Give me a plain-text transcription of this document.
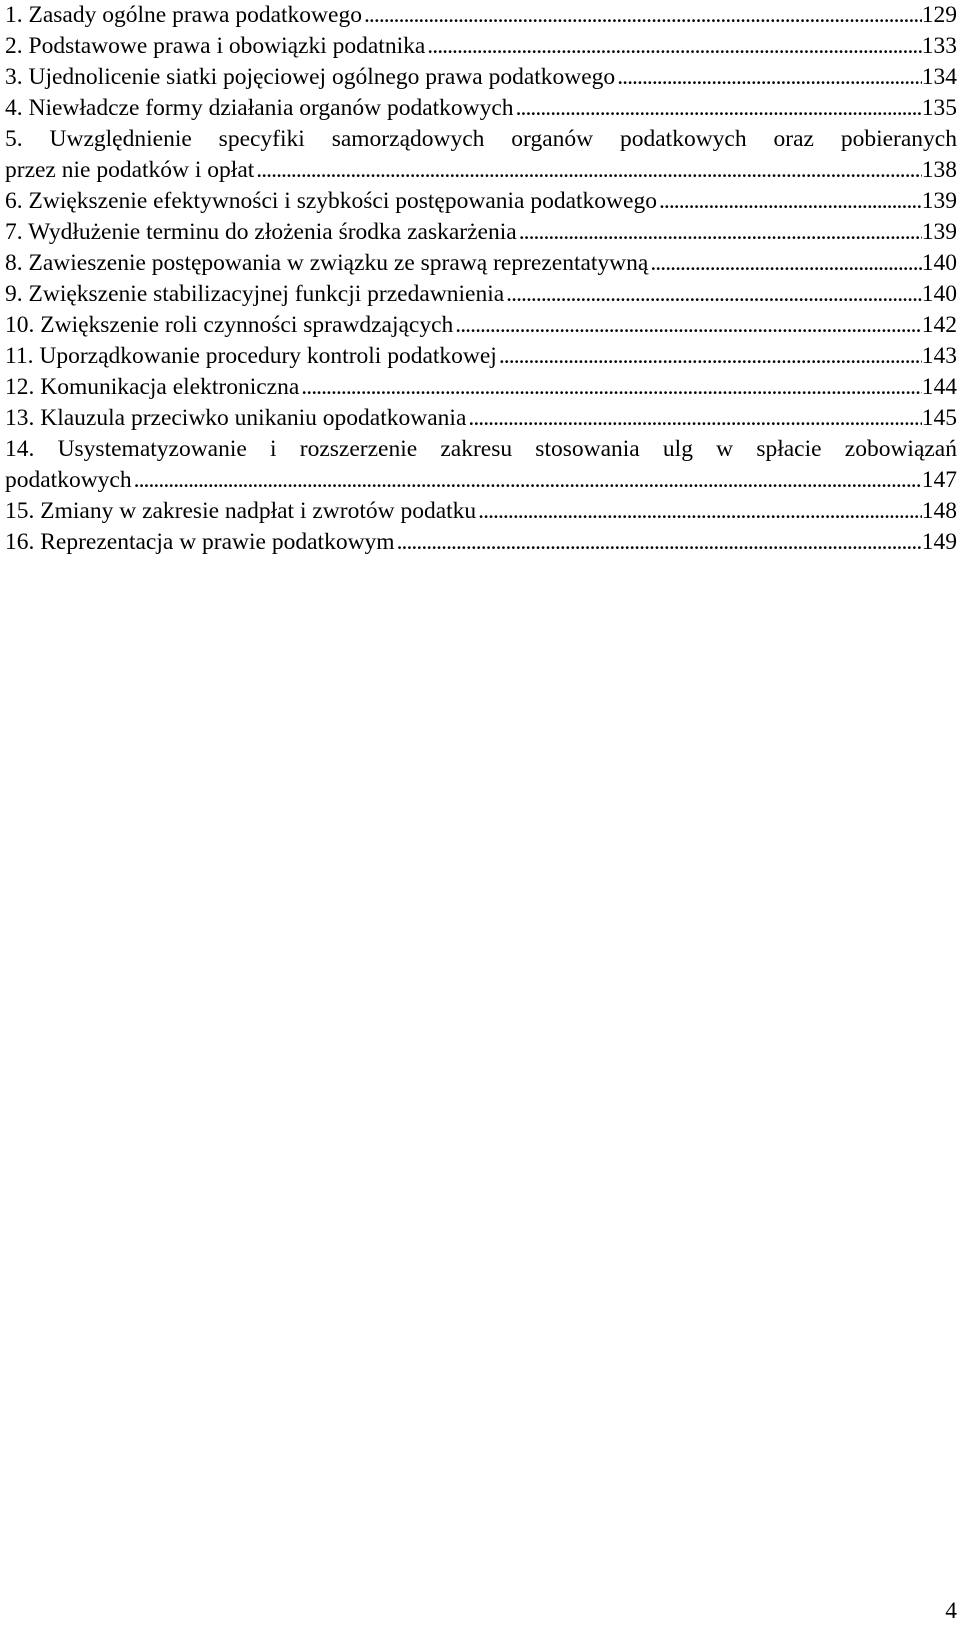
1. Zasady ogólne prawa podatkowego . . .	129
2. Podstawowe prawa i obowiązki podatnika . . .	133
3. Ujednolicenie siatki pojęciowej ogólnego prawa podatkowego . . .	134
4. Niewładcze formy działania organów podatkowych . . .	135
5. Uwzględnienie specyfiki samorządowych organów podatkowych oraz pobieranych
przez nie podatków i opłat . . .	138
6. Zwiększenie efektywności i szybkości postępowania podatkowego . . .	139
7. Wydłużenie terminu do złożenia środka zaskarżenia . . .	139
8. Zawieszenie postępowania w związku ze sprawą reprezentatywną . . .	140
9. Zwiększenie stabilizacyjnej funkcji przedawnienia . . .	140
10. Zwiększenie roli czynności sprawdzających . . .	142
11. Uporządkowanie procedury kontroli podatkowej . . .	143
12. Komunikacja elektroniczna . . .	144
13. Klauzula przeciwko unikaniu opodatkowania . . .	145
14. Usystematyzowanie i rozszerzenie zakresu stosowania ulg w spłacie zobowiązań
podatkowych . . .	147
15. Zmiany w zakresie nadpłat i zwrotów podatku . . .	148
16. Reprezentacja w prawie podatkowym . . .	149
4
